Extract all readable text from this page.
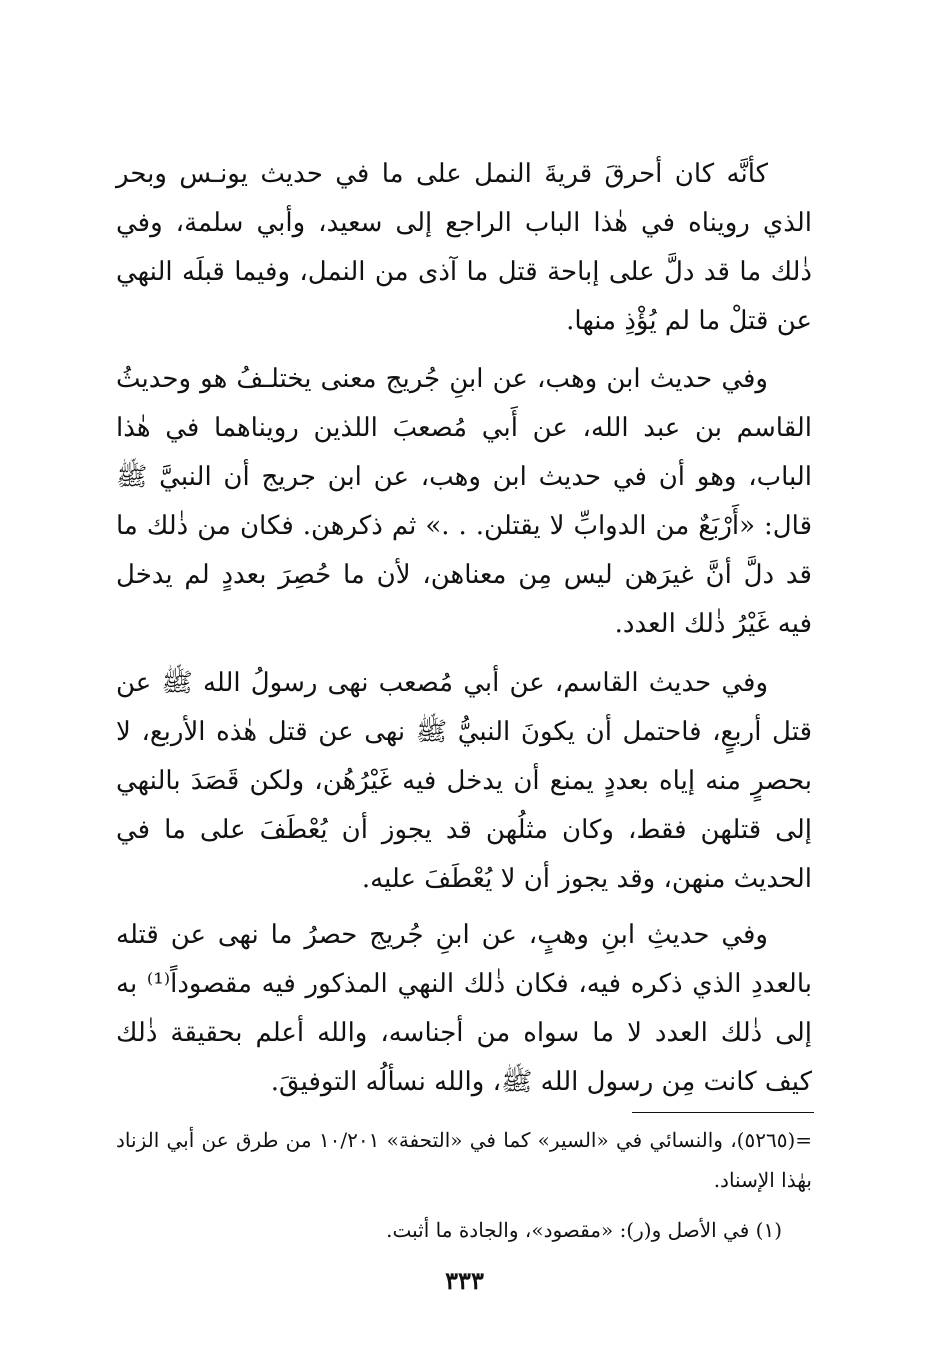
كأنَّه كان أحرقَ قريةَ النمل على ما في حديث يونـس وبحر الذي رويناه في هٰذا الباب الراجع إلى سعيد، وأبي سلمة، وفي ذٰلك ما قد دلَّ على إباحة قتل ما آذى من النمل، وفيما قبلَه النهي عن قتلْ ما لم يُؤْذِ منها.

وفي حديث ابن وهب، عن ابنِ جُريج معنى يختلـفُ هو وحديثُ القاسم بن عبد الله، عن أَبي مُصعبَ اللذين رويناهما في هٰذا الباب، وهو أن في حديث ابن وهب، عن ابن جريج أن النبيَّ ﷺ قال: «أَرْبَعٌ من الدوابِّ لا يقتلن. . .» ثم ذكرهن. فكان من ذٰلك ما قد دلَّ أنَّ غيرَهن ليس مِن معناهن، لأن ما حُصِرَ بعددٍ لم يدخل فيه غَيْرُ ذٰلك العدد.

وفي حديث القاسم، عن أبي مُصعب نهى رسولُ الله ﷺ عن قتل أربعٍ، فاحتمل أن يكونَ النبيُّ ﷺ نهى عن قتل هٰذه الأربع، لا بحصرٍ منه إياه بعددٍ يمنع أن يدخل فيه غَيْرُهُن، ولكن قَصَدَ بالنهي إلى قتلهن فقط، وكان مثلُهن قد يجوز أن يُعْطَفَ على ما في الحديث منهن، وقد يجوز أن لا يُعْطَفَ عليه.

وفي حديثِ ابنِ وهبٍ، عن ابنِ جُريج حصرُ ما نهى عن قتله بالعددِ الذي ذكره فيه، فكان ذٰلك النهي المذكور فيه مقصوداً⁽¹⁾ به إلى ذٰلك العدد لا ما سواه من أجناسه، والله أعلم بحقيقة ذٰلك كيف كانت مِن رسول الله ﷺ، والله نسألُه التوفيقَ.

=(٥٢٦٥)، والنسائي في «السير» كما في «التحفة» ١٠/٢٠١ من طرق عن أبي الزناد بهٰذا الإسناد.

(١) في الأصل و(ر): «مقصود»، والجادة ما أثبت.

٣٣٣
